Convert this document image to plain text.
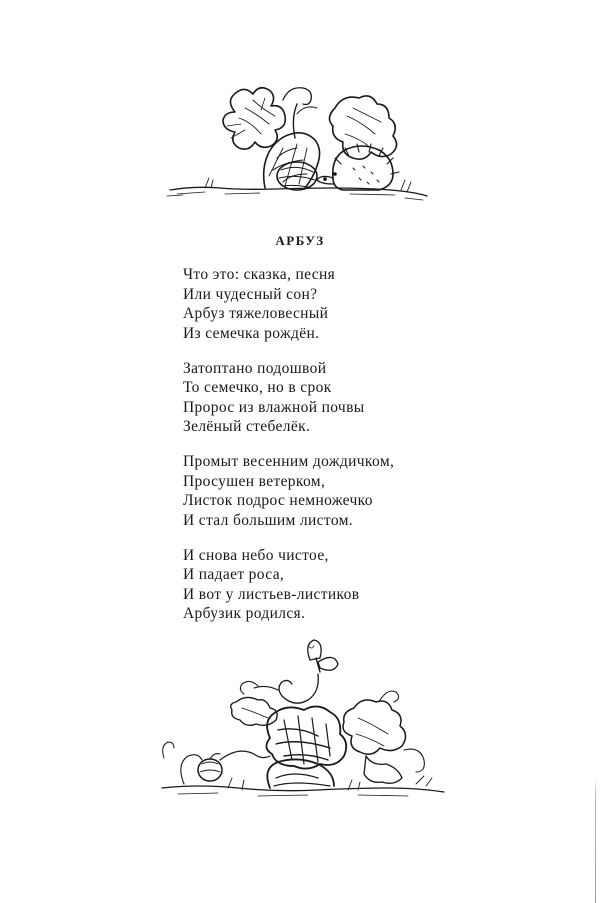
АРБУЗ
Что это: сказка, песня
Или чудесный сон?
Арбуз тяжеловесный
Из семечка рождён.
Затоптано подошвой
То семечко, но в срок
Пророс из влажной почвы
Зелёный стебелёк.
Промыт весенним дождичком,
Просушен ветерком,
Листок подрос немножечко
И стал большим листом.
И снова небо чистое,
И падает роса,
И вот у листьев-листиков
Арбузик родился.
